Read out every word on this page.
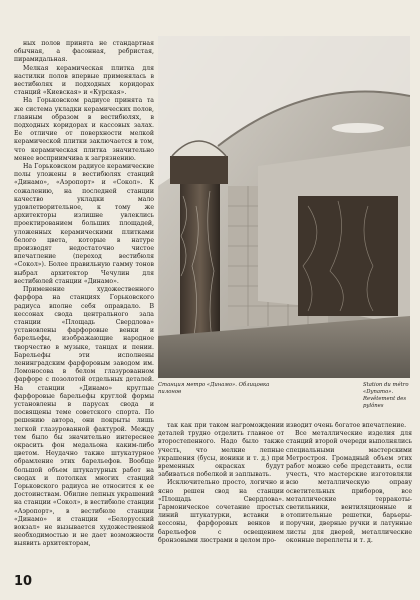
ных полов принята не стандартная обычная, а фасонная, ребристая, пирамидальная.

Мелкая керамическая плитка для настилки полов впервые применялась в вестибюлях и подходных коридорах станций «Киевская» и «Курская».

На Горьковском радиусе принята та же система укладки керамических полов, главным образом в вестибюлях, в подходных коридорах и кассовых залах. Ее отличие от поверхности мелкой керамической плитки заключается в том, что керамическая плитка значительно менее восприимчива к загрязнению.

На Горьковском радиусе керамические полы уложены в вестибюлях станций «Динамо», «Аэропорт» и «Сокол». К сожалению, на последней станции качество укладки мало удовлетворительное, к тому же архитекторы излишне увлеклись проектированием больших площадей, уложенных керамическими плитками белого цвета, которые в натуре производят недостаточно чистое впечатление (переход вестибюля «Сокол»). Более правильную гамму тонов выбрал архитектор Чечулин для вестибюлей станции «Динамо».

Применение художественного фарфора на станциях Горьковского радиуса вполне себя оправдало. В кессонах свода центрального зала станции «Площадь Свердлова» установлены фарфоровые венки и барельефы, изображающие народное творчество в музыке, танцах и пении. Барельефы эти исполнены ленинградским фарфоровым заводом им. Ломоносова в белом глазурованном фарфоре с позолотой отдельных деталей. На станции «Динамо» круглые фарфоровые барельефы круглой формы установлены в парусах свода и посвящены теме советского спорта. По решению автора, они покрыты лишь легкой глазурованной фактурой. Между тем было бы значительно интереснее окрасить фон медальона каким-либо цветом. Неудачно также штукатурное обрамление этих барельефов. Вообще большой объем штукатурных работ на сводах и потолках многих станций Горьковского радиуса не относится к ее достоинствам. Обилие лепных украшений на станции «Сокол», в вестибюле станции «Аэропорт», в вестибюле станции «Динамо» и станции «Белорусский вокзал» не вызывается художественной необходимостью и не дает возможности выявить архитекторам,

Станция метро «Динамо». Облицовка пилонов
Station du métro «Dynamo». Revêtement des pylônes

так как при таком нагромождении деталей трудно отделить главное от второстепенного. Надо было также учесть, что мелкие лепные украшения (бусы, ионики и т. д.) при временных окрасках будут забиваться побелкой и заплывать.

Исключительно просто, логично и ясно решен свод на станции «Площадь Свердлова». Гармоническое сочетание простых линий штукатурки, вставки в кессоны, фарфоровых венков и барельефов с освещением бронзовыми люстрами в целом про-

изводит очень богатое впечатление.

Все металлические изделия для станций второй очереди выполнялись специальными мастерскими Метростроя. Громадный объем этих работ можно себе представить, если учесть, что мастерские изготовляли всю металлическую оправу осветительных приборов, все металлические терракоты-светильники, вентиляционные и отопительные решетки, барьеры-поручни, дверные ручки и латунные листы для дверей, металлические оконные переплеты и т. д.

10
